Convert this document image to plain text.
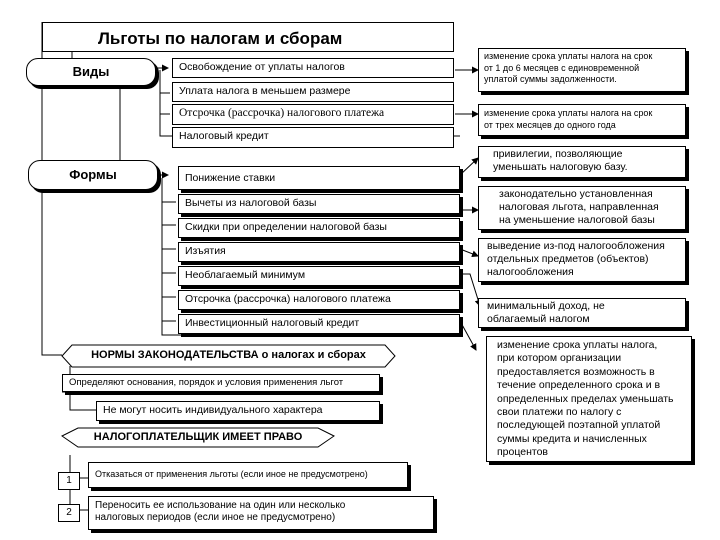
Льготы по налогам и сборам
Виды
Формы
Освобождение от уплаты налогов
Уплата налога в меньшем размере
Отсрочка (рассрочка) налогового платежа
Налоговый кредит
Понижение ставки
Вычеты из налоговой базы
Скидки при определении налоговой базы
Изъятия
Необлагаемый минимум
Отсрочка (рассрочка) налогового платежа
Инвестиционный налоговый кредит
изменение срока уплаты налога на срок
от 1 до 6 месяцев с единовременной
уплатой суммы задолженности.
изменение срока уплаты налога на срок
от трех месяцев до одного года
привилегии, позволяющие
уменьшать налоговую базу.
законодательно установленная
налоговая льгота, направленная
на уменьшение налоговой базы
выведение из-под налогообложения
отдельных предметов (объектов)
налогообложения
минимальный доход, не
облагаемый налогом
изменение срока уплаты налога,
при котором организации
предоставляется возможность в
течение определенного срока и в
определенных пределах уменьшать
свои платежи по налогу с
последующей поэтапной уплатой
суммы кредита и начисленных
процентов
НОРМЫ ЗАКОНОДАТЕЛЬСТВА о налогах и сборах
Определяют основания, порядок и условия применения льгот
Не могут носить индивидуального характера
НАЛОГОПЛАТЕЛЬЩИК ИМЕЕТ ПРАВО
1
Отказаться от применения льготы (если иное не предусмотрено)
2
Переносить ее использование на один или несколько
налоговых периодов (если иное не предусмотрено)
